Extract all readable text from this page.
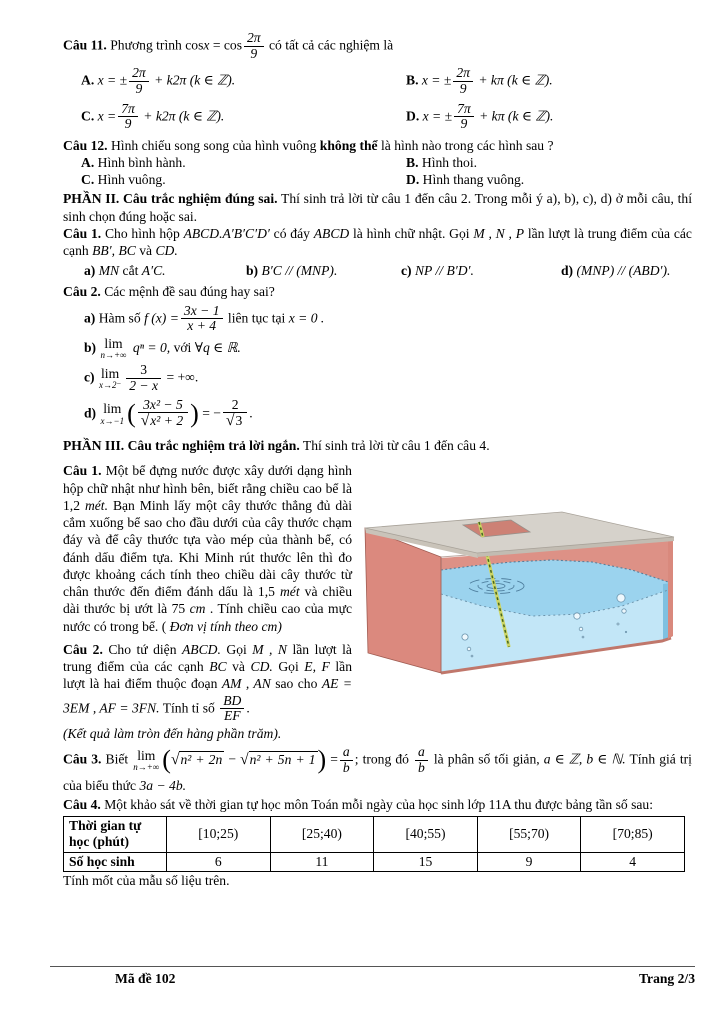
Câu 11. Phương trình $\cos x = \cos \frac{2\pi}{9}$ có tất cả các nghiệm là

A. x = ± $\frac{2\pi}{9} + k2\pi$ (k ∈ ℤ).	B. x = ± $\frac{2\pi}{9} + k\pi$ (k ∈ ℤ).
C. $x = \frac{7\pi}{9} + k2\pi$ (k ∈ ℤ).	D. x = ± $\frac{7\pi}{9} + k\pi$ (k ∈ ℤ).

Câu 12. Hình chiếu song song của hình vuông không thể là hình nào trong các hình sau ?

A. Hình bình hành.	B. Hình thoi.
C. Hình vuông.	D. Hình thang vuông.

PHẦN II. Câu trắc nghiệm đúng sai. Thí sinh trả lời từ câu 1 đến câu 2. Trong mỗi ý a), b), c), d) ở mỗi câu, thí sinh chọn đúng hoặc sai.

Câu 1. Cho hình hộp ABCD.A′B′C′D′ có đáy ABCD là hình chữ nhật. Gọi M , N , P lần lượt là trung điểm của các cạnh BB′, BC và CD.

a) MN cắt A′C.	b) B′C // (MNP).	c) NP // B′D′.	d) (MNP) // (ABD′).

Câu 2. Các mệnh đề sau đúng hay sai?

a) Hàm số f $(x) = \frac{3x - 1}{x + 4}$ liên tục tại x = 0 .

b) lim
n→+∞
qⁿ = 0, với ∀q ∈ ℝ.

c) lim
$x\to 2^- \frac{3}{2 - x}$ = +∞.

d) lim
x→−1 ( $\frac{\text{3x² − 5}}{\text{√x² + 2}}$ ) = − $\frac{2}{√3}$ .

PHẦN III. Câu trắc nghiệm trả lời ngắn. Thí sinh trả lời từ câu 1 đến câu 4.

Câu 1. Một bể đựng nước được xây dưới dạng hình hộp chữ nhật như hình bên, biết rằng chiều cao bể là 1,2 mét. Bạn Minh lấy một cây thước thẳng đủ dài cắm xuống bể sao cho đầu dưới của cây thước chạm đáy và để cây thước tựa vào mép của thành bể, có đánh dấu điểm tựa. Khi Minh rút thước lên thì đo được khoảng cách tính theo chiều dài cây thước từ chân thước đến điểm đánh dấu là 1,5 mét và chiều dài thước bị ướt là 75 cm . Tính chiều cao của mực nước có trong bể. ( Đơn vị tính theo cm)

Câu 2. Cho tứ diện ABCD. Gọi M , N lần lượt là trung điểm của các cạnh BC và CD. Gọi E, F lần lượt là hai điểm thuộc đoạn AM , AN sao cho AE = 3EM , AF = 3FN. Tính tỉ số $\frac{BD}{EF}$ .

(Kết quả làm tròn đến hàng phần trăm).

Câu 3. Biết lim
n→+∞ $(√n^2 + 2n - √n^2 + 5n + 1) = \frac{a}{b}$ ; trong đó $\frac{a}{b}$ là phân số tối giản, a ∈ ℤ, b ∈ ℕ. Tính giá trị của biểu thức 3a − 4b.

Câu 4. Một khảo sát về thời gian tự học môn Toán mỗi ngày của học sinh lớp 11A thu được bảng tần số sau:

Thời gian tự học (phút)	[10;25)	[25;40)	[40;55)	[55;70)	[70;85)
Số học sinh	6	11	15	9	4

Tính mốt của mẫu số liệu trên.

Mã đề 102	Trang 2/3
